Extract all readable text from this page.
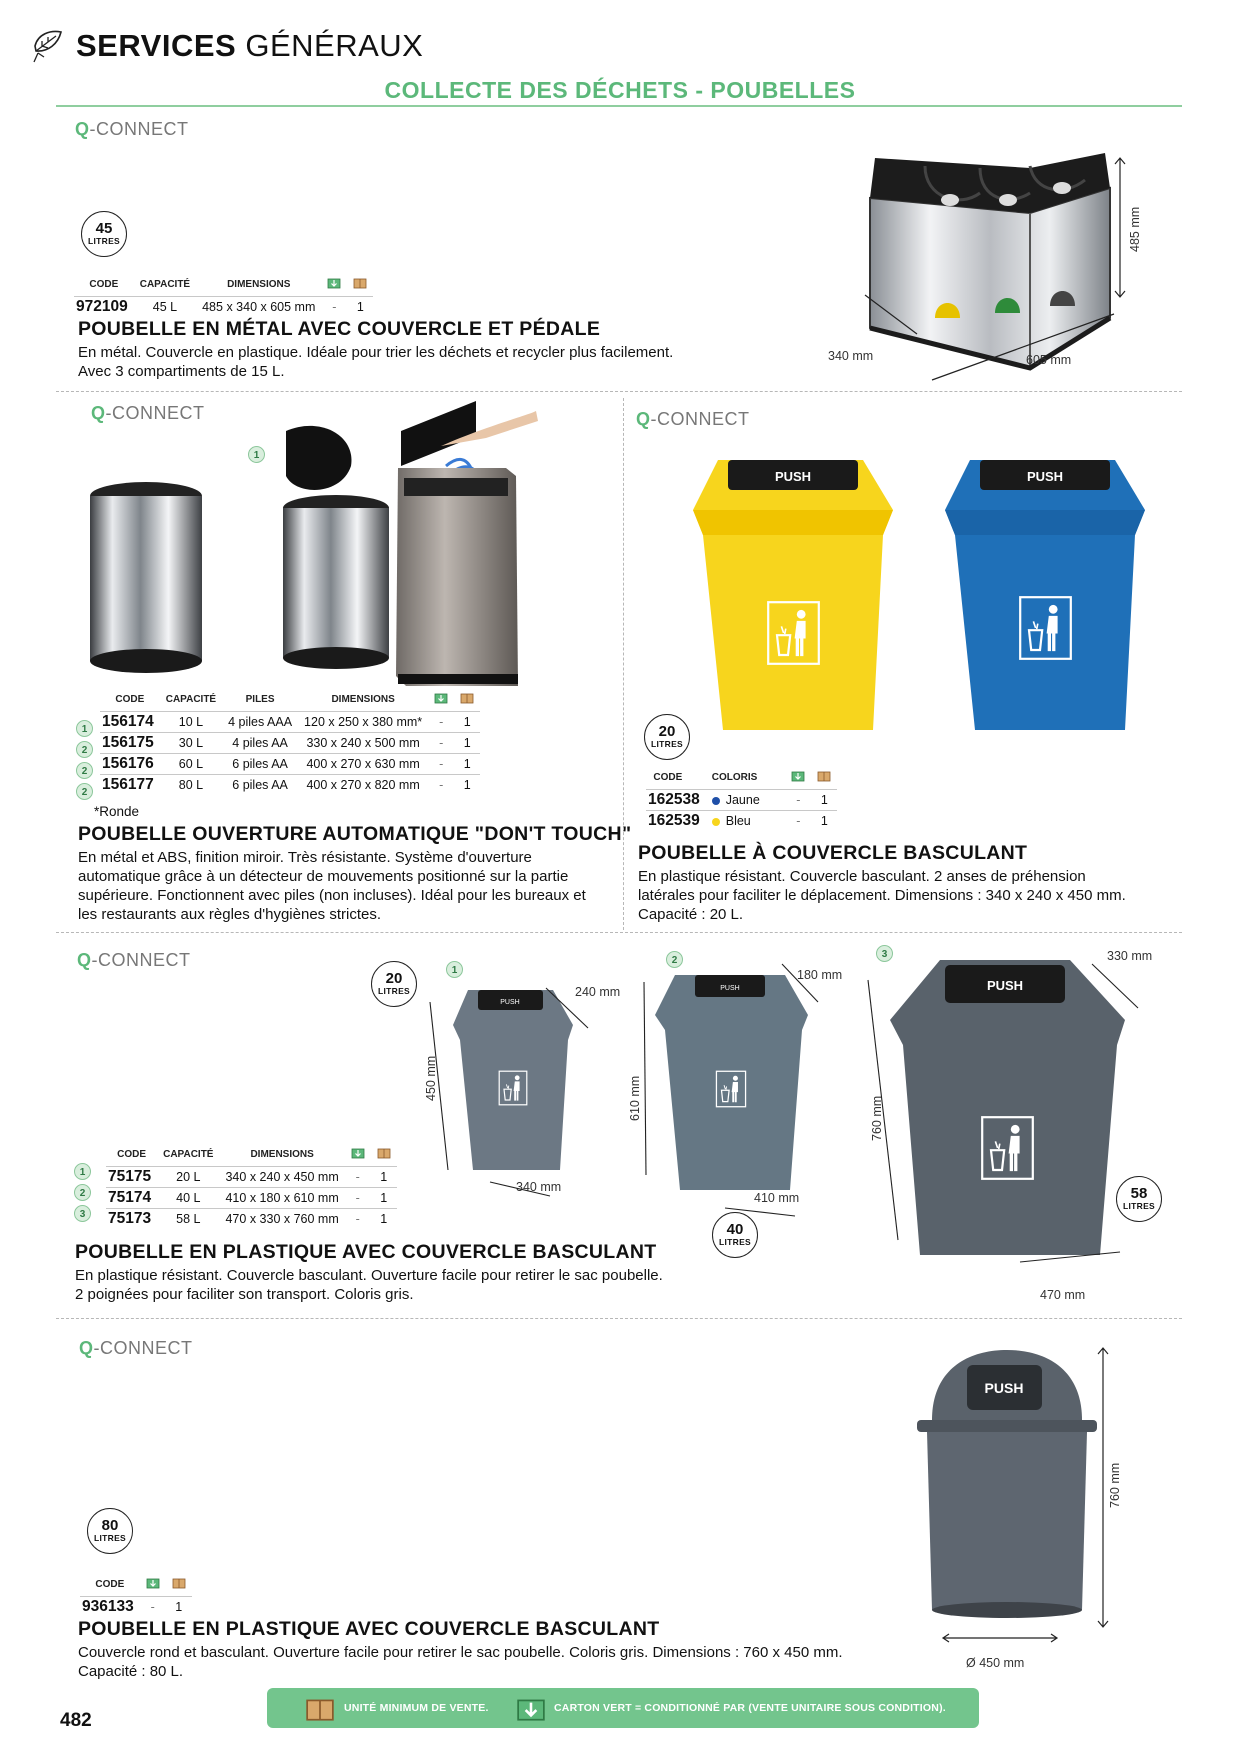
SERVICES GÉNÉRAUX
COLLECTE DES DÉCHETS - POUBELLES
Q-CONNECT
45
LITRES
CODE	CAPACITÉ	DIMENSIONS		
972109	45 L	485 x 340 x 605 mm	-	1
POUBELLE EN MÉTAL AVEC COUVERCLE ET PÉDALE
En métal. Couvercle en plastique. Idéale pour trier les déchets et recycler plus facilement.
Avec 3 compartiments de 15 L.
485 mm
340 mm	605 mm
Q-CONNECT
1
CODE	CAPACITÉ	PILES	DIMENSIONS		
156174	10 L	4 piles AAA	120 x 250 x 380 mm*	-	1
156175	30 L	4 piles AA	330 x 240 x 500 mm	-	1
156176	60 L	6 piles AA	400 x 270 x 630 mm	-	1
156177	80 L	6 piles AA	400 x 270 x 820 mm	-	1
1
2
2
2
*Ronde
POUBELLE OUVERTURE AUTOMATIQUE "DON'T TOUCH"
En métal et ABS, finition miroir. Très résistante. Système d'ouverture
automatique grâce à un détecteur de mouvements positionné sur la partie
supérieure. Fonctionnent avec piles (non incluses). Idéal pour les bureaux et
les restaurants aux règles d'hygiènes strictes.
Q-CONNECT
PUSH	PUSH
20
LITRES
CODE	COLORIS		
162538	Jaune	-	1
162539	Bleu	-	1
POUBELLE À COUVERCLE BASCULANT
En plastique résistant. Couvercle basculant. 2 anses de préhension
latérales pour faciliter le déplacement. Dimensions : 340 x 240 x 450 mm.
Capacité : 20 L.
Q-CONNECT
20
LITRES
1
2
3
PUSH
PUSH	PUSH
58
LITRES
40
LITRES
450 mm
240 mm
340 mm
610 mm
180 mm
410 mm
760 mm
330 mm
470 mm
CODE	CAPACITÉ	DIMENSIONS		
75175	20 L	340 x 240 x 450 mm	-	1
75174	40 L	410 x 180 x 610 mm	-	1
75173	58 L	470 x 330 x 760 mm	-	1
1
2
3
POUBELLE EN PLASTIQUE AVEC COUVERCLE BASCULANT
En plastique résistant. Couvercle basculant. Ouverture facile pour retirer le sac poubelle.
2 poignées pour faciliter son transport. Coloris gris.
Q-CONNECT
PUSH
760 mm
Ø 450 mm
80
LITRES
CODE		
936133	-	1
POUBELLE EN PLASTIQUE AVEC COUVERCLE BASCULANT
Couvercle rond et basculant. Ouverture facile pour retirer le sac poubelle. Coloris gris. Dimensions : 760 x 450 mm.
Capacité : 80 L.
482
UNITÉ MINIMUM DE VENTE.	CARTON VERT = CONDITIONNÉ PAR (VENTE UNITAIRE SOUS CONDITION).
